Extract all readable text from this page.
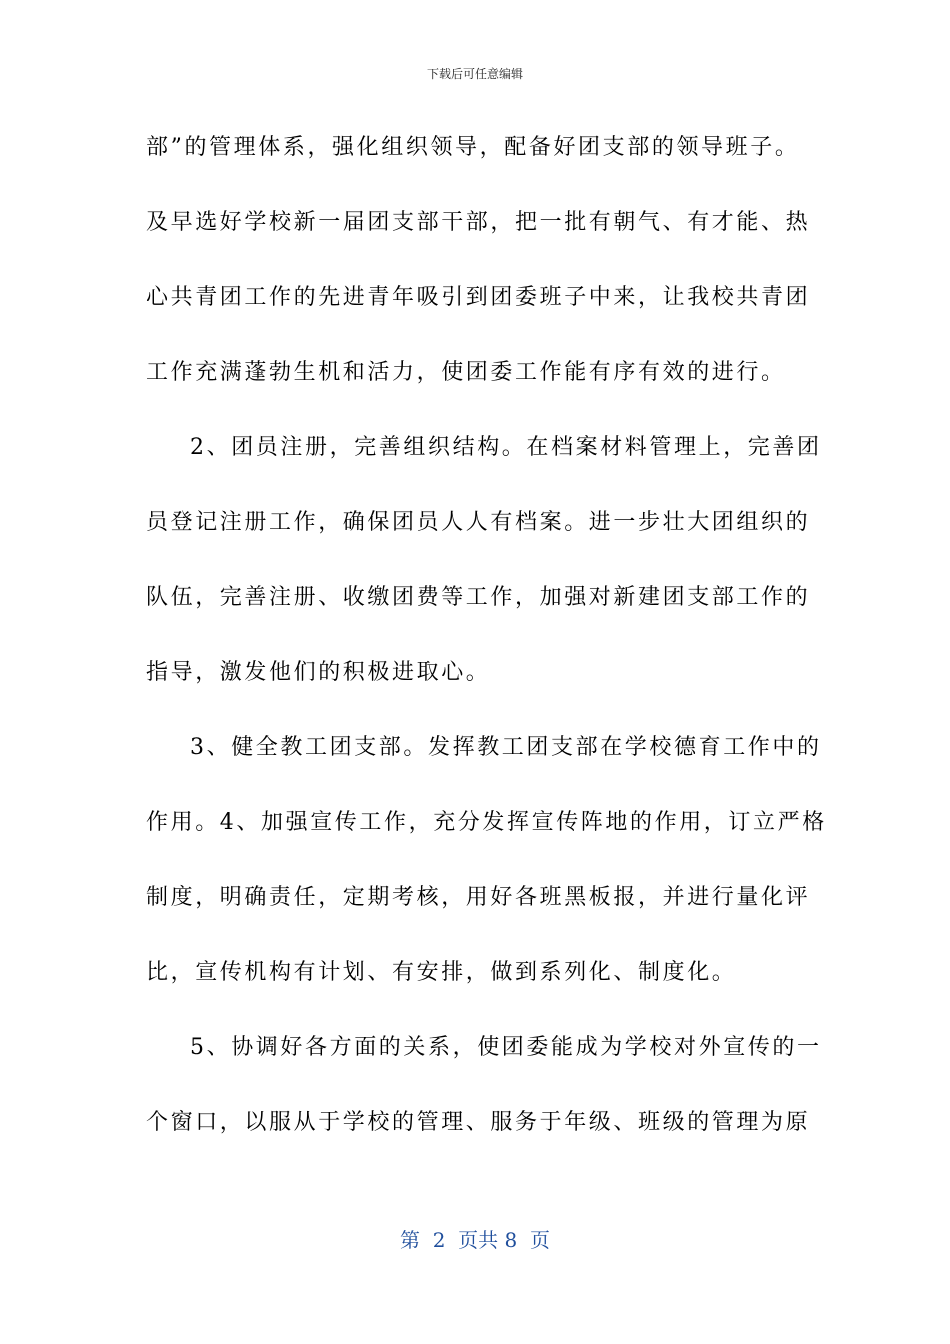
下载后可任意编辑
部”的管理体系，强化组织领导，配备好团支部的领导班子。
及早选好学校新一届团支部干部，把一批有朝气、有才能、热
心共青团工作的先进青年吸引到团委班子中来，让我校共青团
工作充满蓬勃生机和活力，使团委工作能有序有效的进行。
2、团员注册，完善组织结构。在档案材料管理上，完善团
员登记注册工作，确保团员人人有档案。进一步壮大团组织的
队伍，完善注册、收缴团费等工作，加强对新建团支部工作的
指导，激发他们的积极进取心。
3、健全教工团支部。发挥教工团支部在学校德育工作中的
作用。4、加强宣传工作，充分发挥宣传阵地的作用，订立严格
制度，明确责任，定期考核，用好各班黑板报，并进行量化评
比，宣传机构有计划、有安排，做到系列化、制度化。
5、协调好各方面的关系，使团委能成为学校对外宣传的一
个窗口，以服从于学校的管理、服务于年级、班级的管理为原
第  2  页共 8  页
